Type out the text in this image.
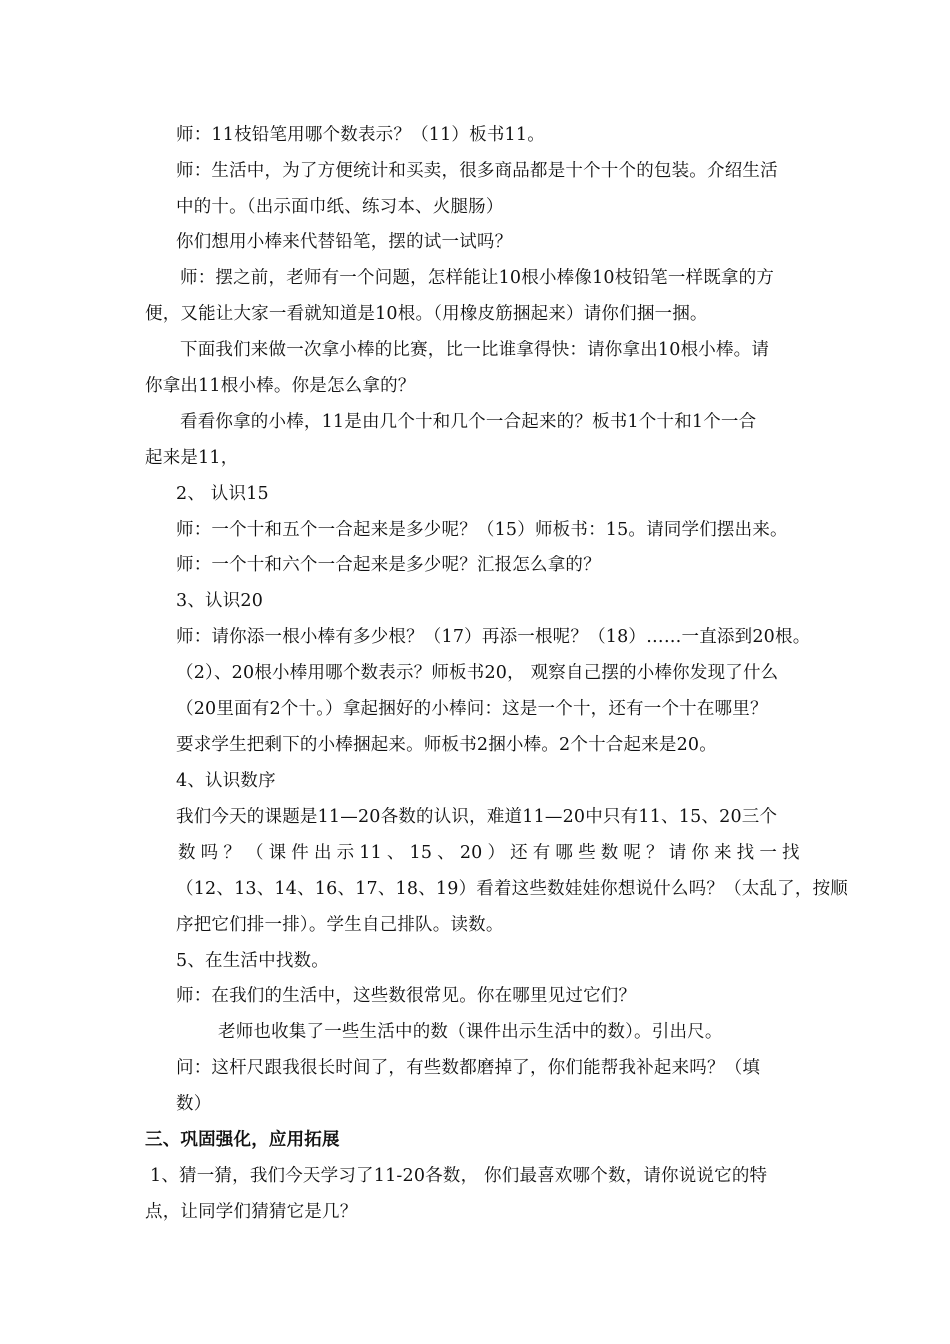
师：11枝铅笔用哪个数表示？（11）板书11。
师：生活中，为了方便统计和买卖，很多商品都是十个十个的包装。介绍生活
中的十。（出示面巾纸、练习本、火腿肠）
你们想用小棒来代替铅笔，摆的试一试吗？
师：摆之前，老师有一个问题，怎样能让10根小棒像10枝铅笔一样既拿的方
便，又能让大家一看就知道是10根。（用橡皮筋捆起来）请你们捆一捆。
下面我们来做一次拿小棒的比赛，比一比谁拿得快：请你拿出10根小棒。请
你拿出11根小棒。你是怎么拿的？
看看你拿的小棒，11是由几个十和几个一合起来的？板书1个十和1个一合
起来是11，
2、 认识15
师：一个十和五个一合起来是多少呢？（15）师板书：15。请同学们摆出来。
师：一个十和六个一合起来是多少呢？汇报怎么拿的？
3、认识20
师：请你添一根小棒有多少根？（17）再添一根呢？（18）……一直添到20根。
（2）、20根小棒用哪个数表示？师板书20， 观察自己摆的小棒你发现了什么
（20里面有2个十。）拿起捆好的小棒问：这是一个十，还有一个十在哪里？
要求学生把剩下的小棒捆起来。师板书2捆小棒。2个十合起来是20。
4、认识数序
我们今天的课题是11—20各数的认识，难道11—20中只有11、15、20三个
数 吗 ？ （ 课 件 出 示 11 、 15 、 20 ） 还 有 哪 些 数 呢 ？ 请 你 来 找 一 找
（12、13、14、16、17、18、19）看着这些数娃娃你想说什么吗？（太乱了，按顺
序把它们排一排）。学生自己排队。读数。
5、在生活中找数。
师：在我们的生活中，这些数很常见。你在哪里见过它们？
老师也收集了一些生活中的数（课件出示生活中的数）。引出尺。
问：这杆尺跟我很长时间了，有些数都磨掉了，你们能帮我补起来吗？（填
数）
三、巩固强化，应用拓展
1、猜一猜，我们今天学习了11-20各数， 你们最喜欢哪个数，请你说说它的特
点，让同学们猜猜它是几？
